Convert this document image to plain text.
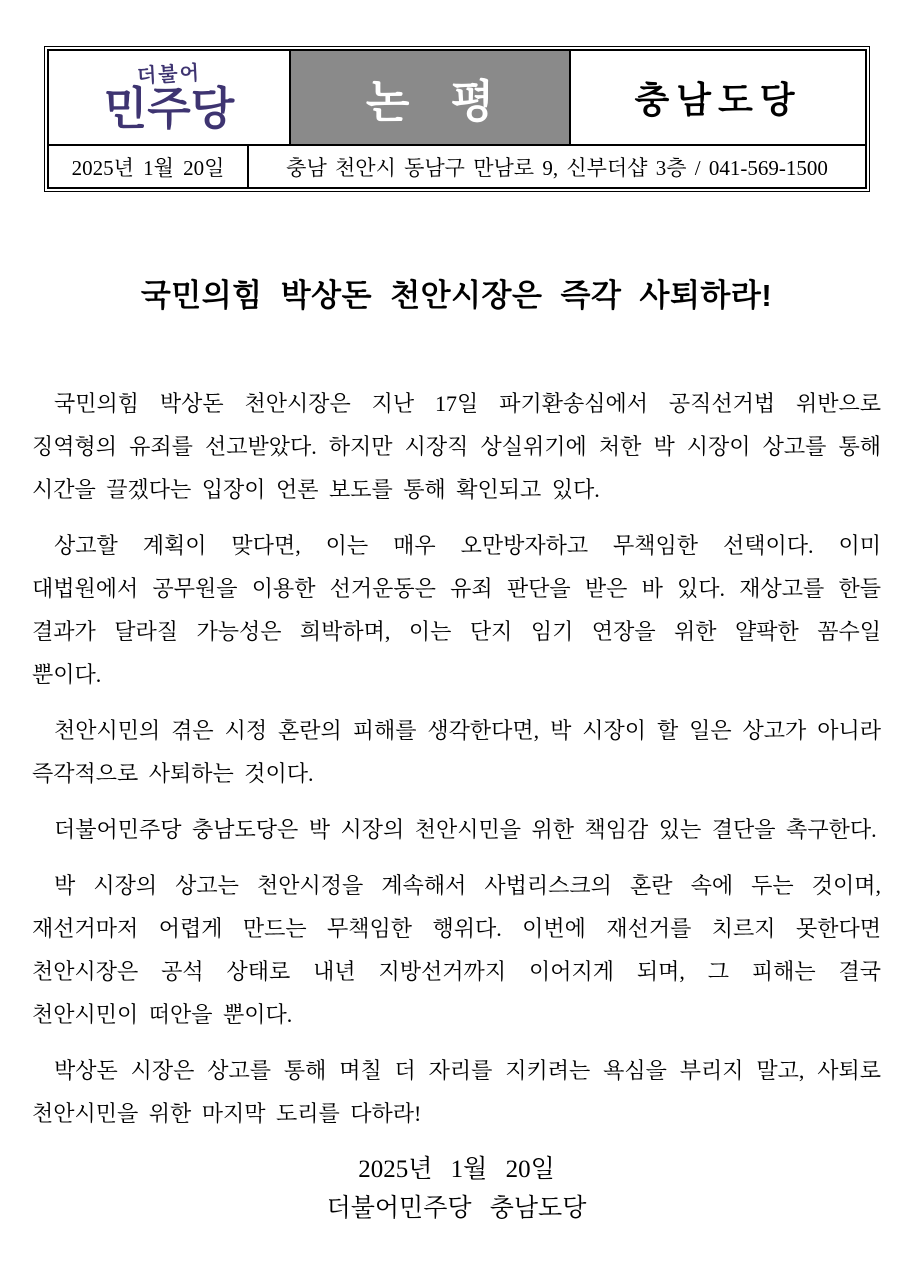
더불어
민주당	논 평	충남도당
2025년 1월 20일	충남 천안시 동남구 만남로 9, 신부더샵 3층 / 041-569-1500
국민의힘 박상돈 천안시장은 즉각 사퇴하라!

국민의힘 박상돈 천안시장은 지난 17일 파기환송심에서 공직선거법 위반으로 징역형의 유죄를 선고받았다. 하지만 시장직 상실위기에 처한 박 시장이 상고를 통해 시간을 끌겠다는 입장이 언론 보도를 통해 확인되고 있다.

상고할 계획이 맞다면, 이는 매우 오만방자하고 무책임한 선택이다. 이미 대법원에서 공무원을 이용한 선거운동은 유죄 판단을 받은 바 있다. 재상고를 한들 결과가 달라질 가능성은 희박하며, 이는 단지 임기 연장을 위한 얄팍한 꼼수일 뿐이다.

천안시민의 겪은 시정 혼란의 피해를 생각한다면, 박 시장이 할 일은 상고가 아니라 즉각적으로 사퇴하는 것이다.

더불어민주당 충남도당은 박 시장의 천안시민을 위한 책임감 있는 결단을 촉구한다.

박 시장의 상고는 천안시정을 계속해서 사법리스크의 혼란 속에 두는 것이며, 재선거마저 어렵게 만드는 무책임한 행위다. 이번에 재선거를 치르지 못한다면 천안시장은 공석 상태로 내년 지방선거까지 이어지게 되며, 그 피해는 결국 천안시민이 떠안을 뿐이다.

박상돈 시장은 상고를 통해 며칠 더 자리를 지키려는 욕심을 부리지 말고, 사퇴로 천안시민을 위한 마지막 도리를 다하라!

2025년 1월 20일
더불어민주당 충남도당
